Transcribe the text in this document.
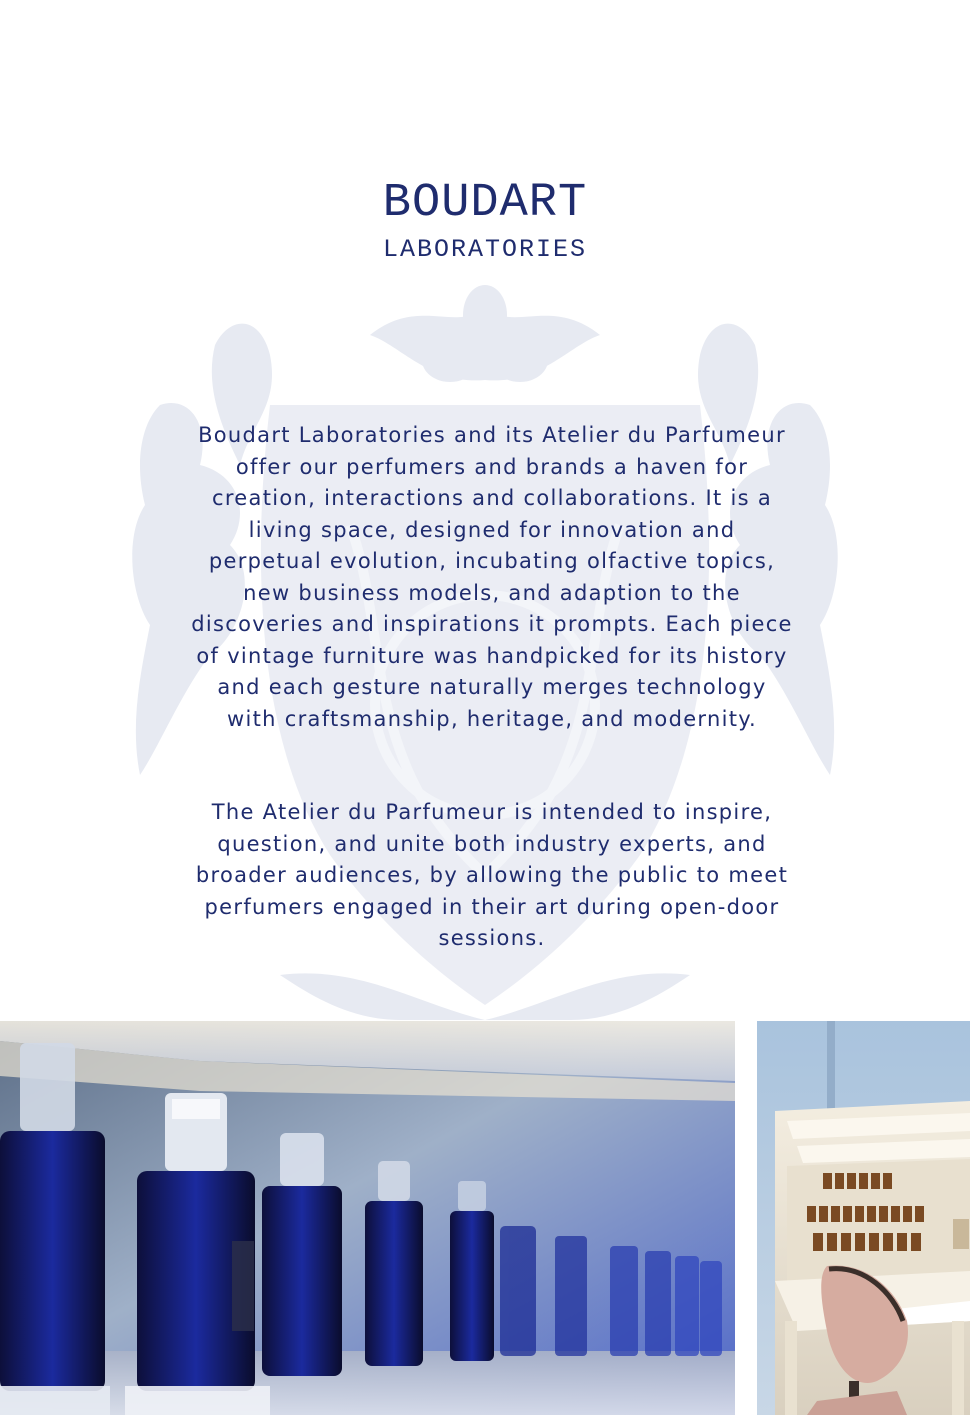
BOUDART
LABORATORIES

Boudart Laboratories and its Atelier du Parfumeur offer our perfumers and brands a haven for creation, interactions and collaborations. It is a living space, designed for innovation and perpetual evolution, incubating olfactive topics, new business models, and adaption to the discoveries and inspirations it prompts. Each piece of vintage furniture was handpicked for its history and each gesture naturally merges technology with craftsmanship, heritage, and modernity.

The Atelier du Parfumeur is intended to inspire, question, and unite both industry experts, and broader audiences, by allowing the public to meet perfumers engaged in their art during open-door sessions.
